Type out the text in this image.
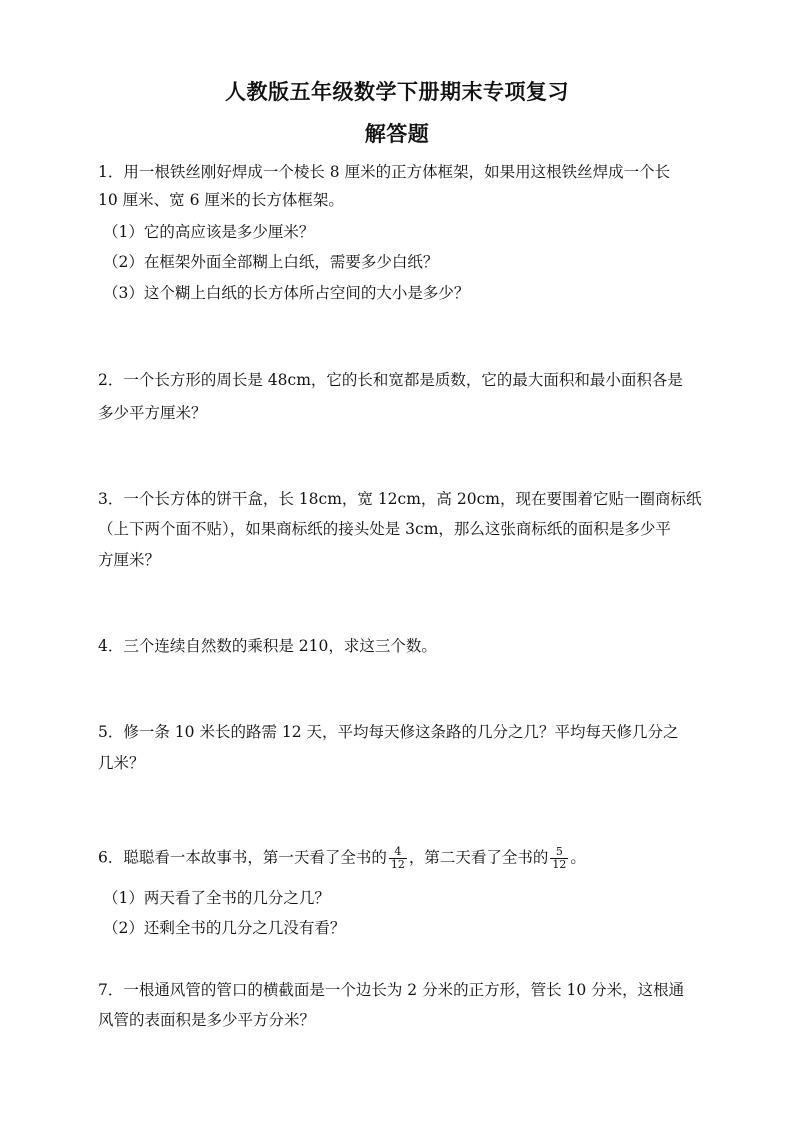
人教版五年级数学下册期末专项复习
解答题
1．用一根铁丝刚好焊成一个棱长 8 厘米的正方体框架，如果用这根铁丝焊成一个长
10 厘米、宽 6 厘米的长方体框架。
（1）它的高应该是多少厘米？
（2）在框架外面全部糊上白纸，需要多少白纸？
（3）这个糊上白纸的长方体所占空间的大小是多少？
2．一个长方形的周长是 48cm，它的长和宽都是质数，它的最大面积和最小面积各是
多少平方厘米？
3．一个长方体的饼干盒，长 18cm，宽 12cm，高 20cm，现在要围着它贴一圈商标纸
（上下两个面不贴），如果商标纸的接头处是 3cm，那么这张商标纸的面积是多少平
方厘米？
4．三个连续自然数的乘积是 210，求这三个数。
5．修一条 10 米长的路需 12 天，平均每天修这条路的几分之几？平均每天修几分之
几米？
6．聪聪看一本故事书，第一天看了全书的 $\frac{4}{12}$ ，第二天看了全书的 $\frac{5}{12}$ 。
（1）两天看了全书的几分之几？
（2）还剩全书的几分之几没有看？
7．一根通风管的管口的横截面是一个边长为 2 分米的正方形，管长 10 分米，这根通
风管的表面积是多少平方分米？
